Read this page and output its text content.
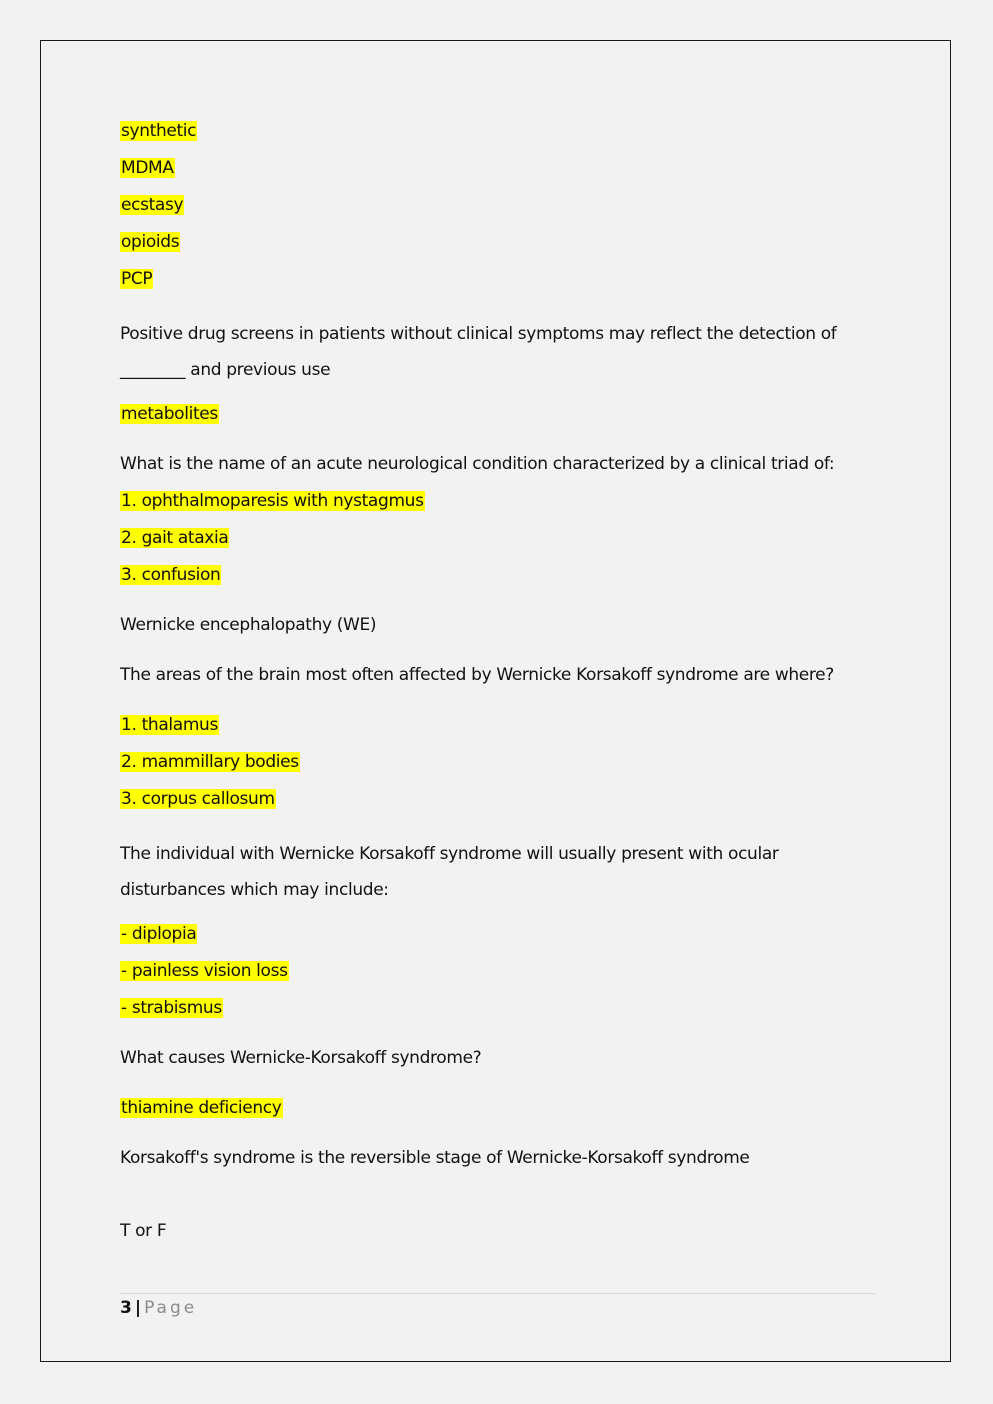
synthetic
MDMA
ecstasy
opioids
PCP
Positive drug screens in patients without clinical symptoms may reflect the detection of ________ and previous use
metabolites
What is the name of an acute neurological condition characterized by a clinical triad of:
1. ophthalmoparesis with nystagmus
2. gait ataxia
3. confusion
Wernicke encephalopathy (WE)
The areas of the brain most often affected by Wernicke Korsakoff syndrome are where?
1. thalamus
2. mammillary bodies
3. corpus callosum
The individual with Wernicke Korsakoff syndrome will usually present with ocular disturbances which may include:
- diplopia
- painless vision loss
- strabismus
What causes Wernicke-Korsakoff syndrome?
thiamine deficiency
Korsakoff's syndrome is the reversible stage of Wernicke-Korsakoff syndrome
T or F
3 | Page
